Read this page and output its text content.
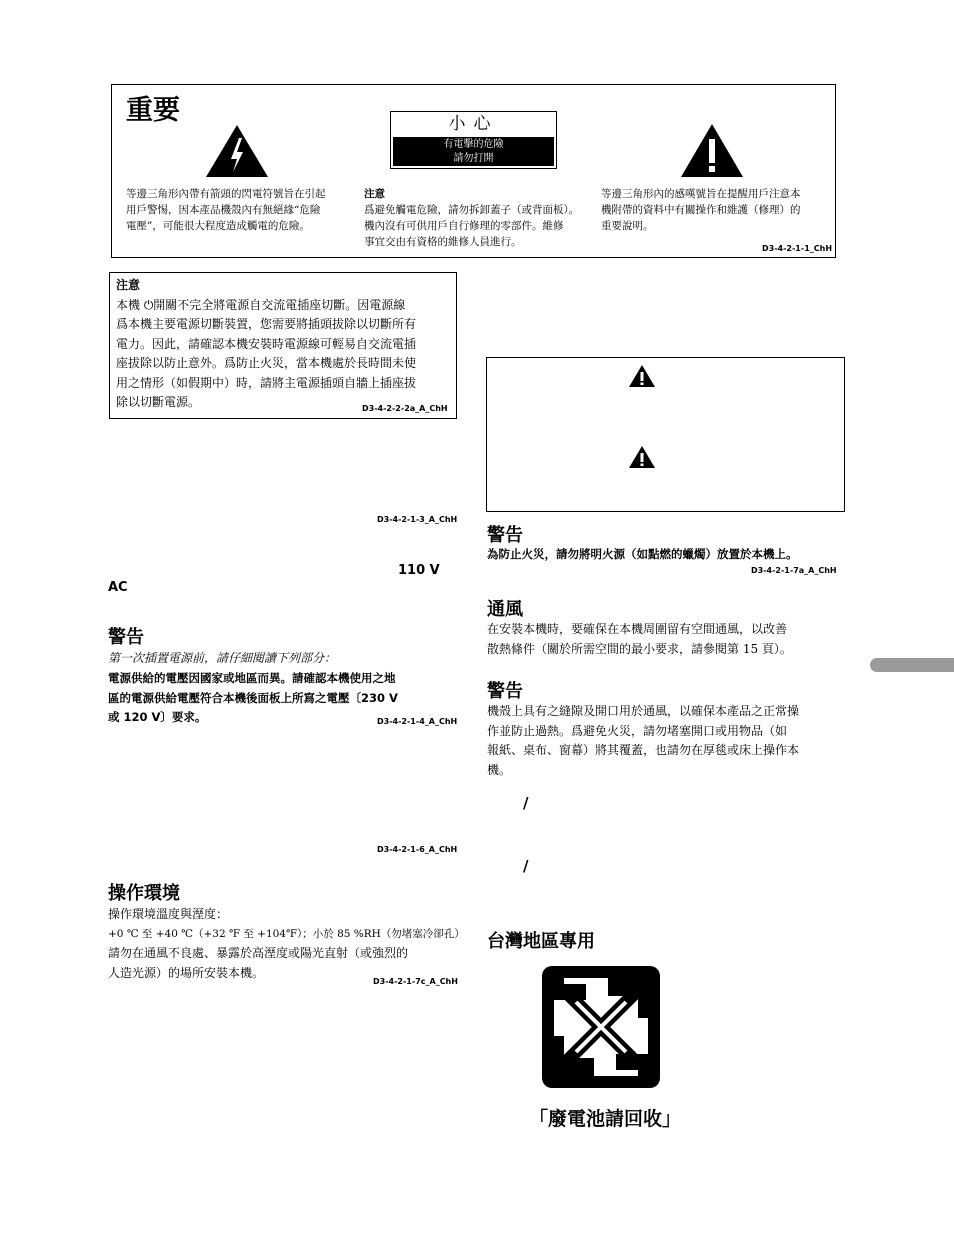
重要	小心
有電擊的危險
請勿打開
等邊三角形內帶有箭頭的閃電符號旨在引起
用戶警惕，因本產品機殼內有無絕緣“危險
電壓”，可能很大程度造成觸電的危險。
注意
爲避免觸電危險，請勿拆卸蓋子（或背面板）。
機內沒有可供用戶自行修理的零部件。維修
事宜交由有資格的維修人員進行。
等邊三角形內的感嘆號旨在提醒用戶注意本
機附帶的資料中有關操作和維護（修理）的
重要說明。
D3-4-2-1-1_ChH
注意
本機 ⏻開關不完全將電源自交流電插座切斷。因電源線
爲本機主要電源切斷裝置，您需要將插頭拔除以切斷所有
電力。因此，請確認本機安裝時電源線可輕易自交流電插
座拔除以防止意外。爲防止火災，當本機處於長時間未使
用之情形（如假期中）時，請將主電源插頭自牆上插座拔
除以切斷電源。	D3-4-2-2-2a_A_ChH
D3-4-2-1-3_A_ChH
110 V
AC
警告
第一次插置電源前，請仔細閱讀下列部分：
電源供給的電壓因國家或地區而異。請確認本機使用之地
區的電源供給電壓符合本機後面板上所寫之電壓〔230 V
或 120 V〕要求。	D3-4-2-1-4_A_ChH
D3-4-2-1-6_A_ChH
操作環境
操作環境溫度與溼度：
+0 ℃ 至 +40 ℃（+32 ℉ 至 +104℉）；小於 85 %RH（勿堵塞冷卻孔）
請勿在通風不良處、暴露於高溼度或陽光直射（或強烈的
人造光源）的場所安裝本機。
D3-4-2-1-7c_A_ChH
警告
為防止火災，請勿將明火源（如點燃的蠟燭）放置於本機上。
D3-4-2-1-7a_A_ChH
通風
在安裝本機時，要確保在本機周圍留有空間通風，以改善
散熱條件（關於所需空間的最小要求，請參閱第 15 頁）。
警告
機殼上具有之縫隙及開口用於通風，以確保本產品之正常操
作並防止過熱。爲避免火災，請勿堵塞開口或用物品（如
報紙、桌布、窗幕）將其覆蓋，也請勿在厚毯或床上操作本
機。
/
/
台灣地區專用
「廢電池請回收」
